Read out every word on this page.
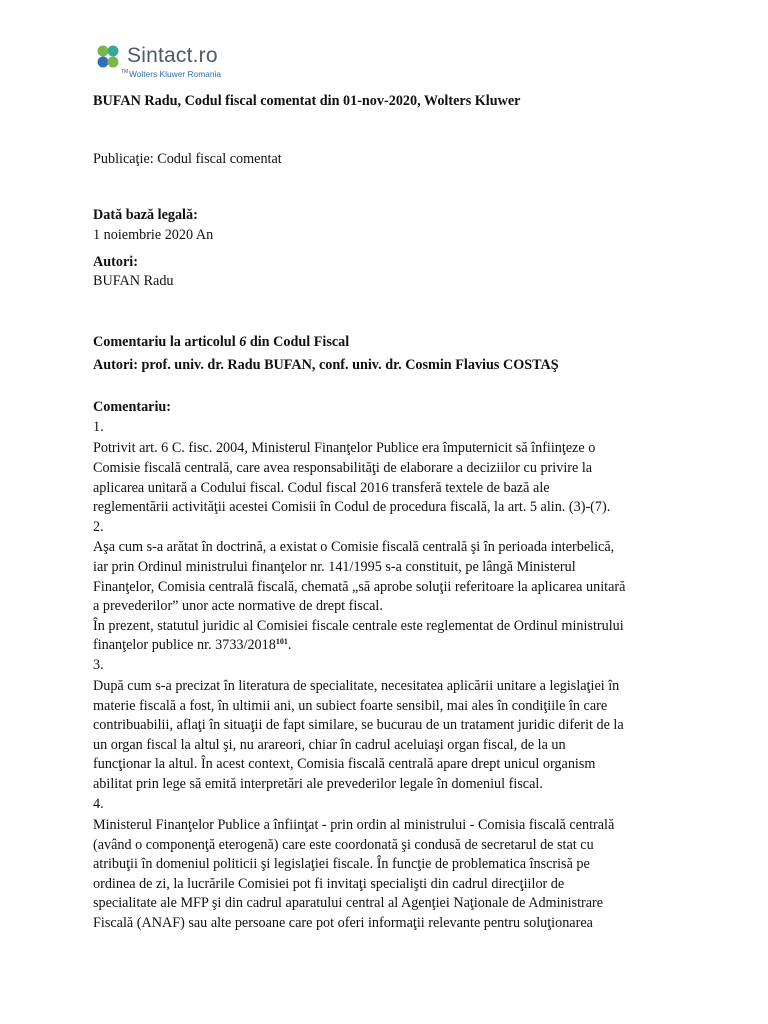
TM
Sintact.ro
Wolters Kluwer Romania
BUFAN Radu, Codul fiscal comentat din 01-nov-2020, Wolters Kluwer
Publicaţie: Codul fiscal comentat
Dată bază legală:
1 noiembrie 2020 An
Autori:
BUFAN Radu
Comentariu la articolul 6 din Codul Fiscal
Autori: prof. univ. dr. Radu BUFAN, conf. univ. dr. Cosmin Flavius COSTAŞ
Comentariu:
1.
Potrivit art. 6 C. fisc. 2004, Ministerul Finanţelor Publice era împuternicit să înfiinţeze o
Comisie fiscală centrală, care avea responsabilităţi de elaborare a deciziilor cu privire la
aplicarea unitară a Codului fiscal. Codul fiscal 2016 transferă textele de bază ale
reglementării activităţii acestei Comisii în Codul de procedura fiscală, la art. 5 alin. (3)-(7).
2.
Aşa cum s-a arătat în doctrină, a existat o Comisie fiscală centrală şi în perioada interbelică,
iar prin Ordinul ministrului finanţelor nr. 141/1995 s-a constituit, pe lângă Ministerul
Finanţelor, Comisia centrală fiscală, chemată „să aprobe soluţii referitoare la aplicarea unitară
a prevederilor” unor acte normative de drept fiscal.
În prezent, statutul juridic al Comisiei fiscale centrale este reglementat de Ordinul ministrului
finanţelor publice nr. 3733/2018$^{101}$.
3.
După cum s-a precizat în literatura de specialitate, necesitatea aplicării unitare a legislaţiei în
materie fiscală a fost, în ultimii ani, un subiect foarte sensibil, mai ales în condiţiile în care
contribuabilii, aflaţi în situaţii de fapt similare, se bucurau de un tratament juridic diferit de la
un organ fiscal la altul şi, nu arareori, chiar în cadrul aceluiaşi organ fiscal, de la un
funcţionar la altul. În acest context, Comisia fiscală centrală apare drept unicul organism
abilitat prin lege să emită interpretări ale prevederilor legale în domeniul fiscal.
4.
Ministerul Finanţelor Publice a înfiinţat - prin ordin al ministrului - Comisia fiscală centrală
(având o componenţă eterogenă) care este coordonată şi condusă de secretarul de stat cu
atribuţii în domeniul politicii şi legislaţiei fiscale. În funcţie de problematica înscrisă pe
ordinea de zi, la lucrările Comisiei pot fi invitaţi specialişti din cadrul direcţiilor de
specialitate ale MFP şi din cadrul aparatului central al Agenţiei Naţionale de Administrare
Fiscală (ANAF) sau alte persoane care pot oferi informaţii relevante pentru soluţionarea
